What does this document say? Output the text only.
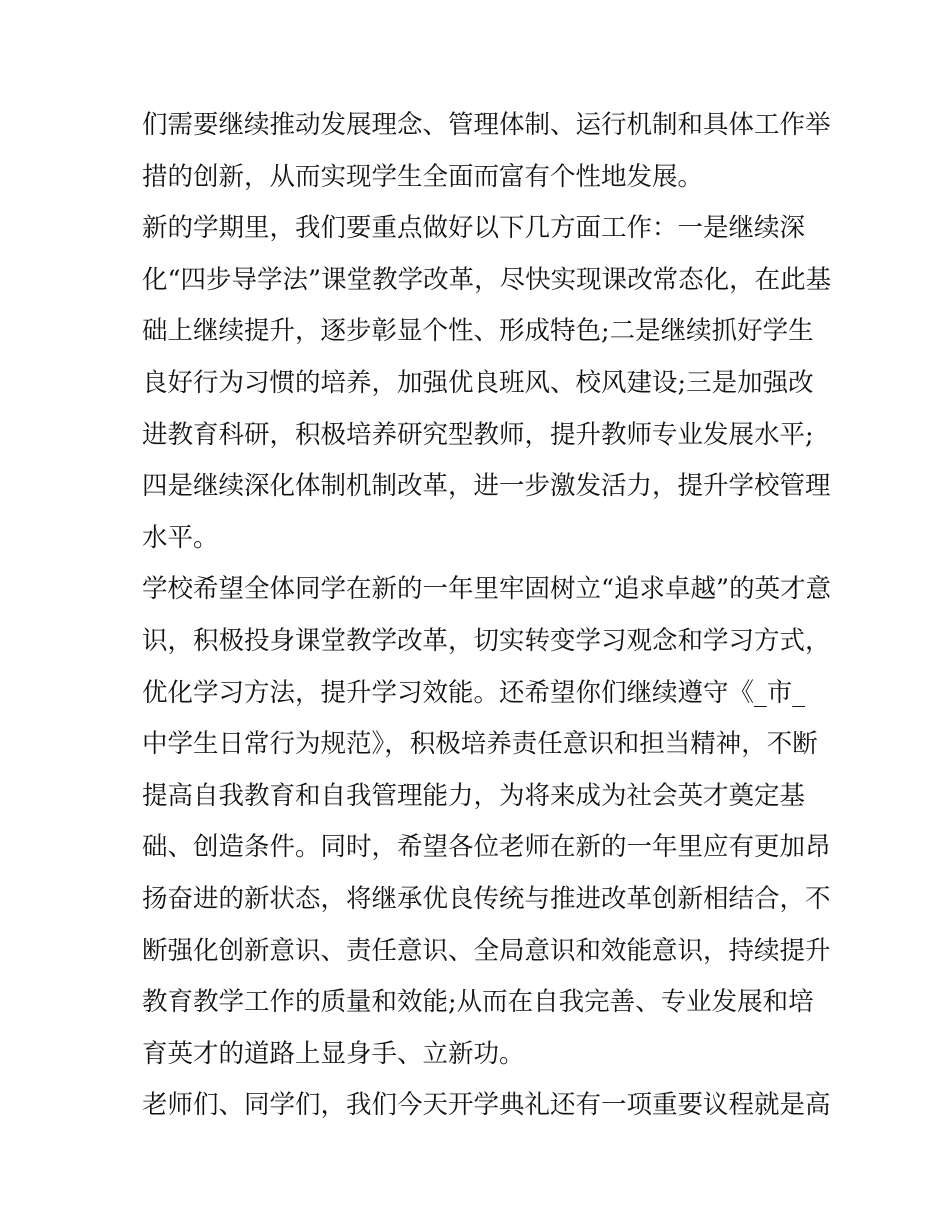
们需要继续推动发展理念、管理体制、运行机制和具体工作举
措的创新，从而实现学生全面而富有个性地发展。
新的学期里，我们要重点做好以下几方面工作：一是继续深
化“四步导学法”课堂教学改革，尽快实现课改常态化，在此基
础上继续提升，逐步彰显个性、形成特色;二是继续抓好学生
良好行为习惯的培养，加强优良班风、校风建设;三是加强改
进教育科研，积极培养研究型教师，提升教师专业发展水平;
四是继续深化体制机制改革，进一步激发活力，提升学校管理
水平。
学校希望全体同学在新的一年里牢固树立“追求卓越”的英才意
识，积极投身课堂教学改革，切实转变学习观念和学习方式，
优化学习方法，提升学习效能。还希望你们继续遵守《_市_
中学生日常行为规范》，积极培养责任意识和担当精神，不断
提高自我教育和自我管理能力，为将来成为社会英才奠定基
础、创造条件。同时，希望各位老师在新的一年里应有更加昂
扬奋进的新状态，将继承优良传统与推进改革创新相结合，不
断强化创新意识、责任意识、全局意识和效能意识，持续提升
教育教学工作的质量和效能;从而在自我完善、专业发展和培
育英才的道路上显身手、立新功。
老师们、同学们，我们今天开学典礼还有一项重要议程就是高
